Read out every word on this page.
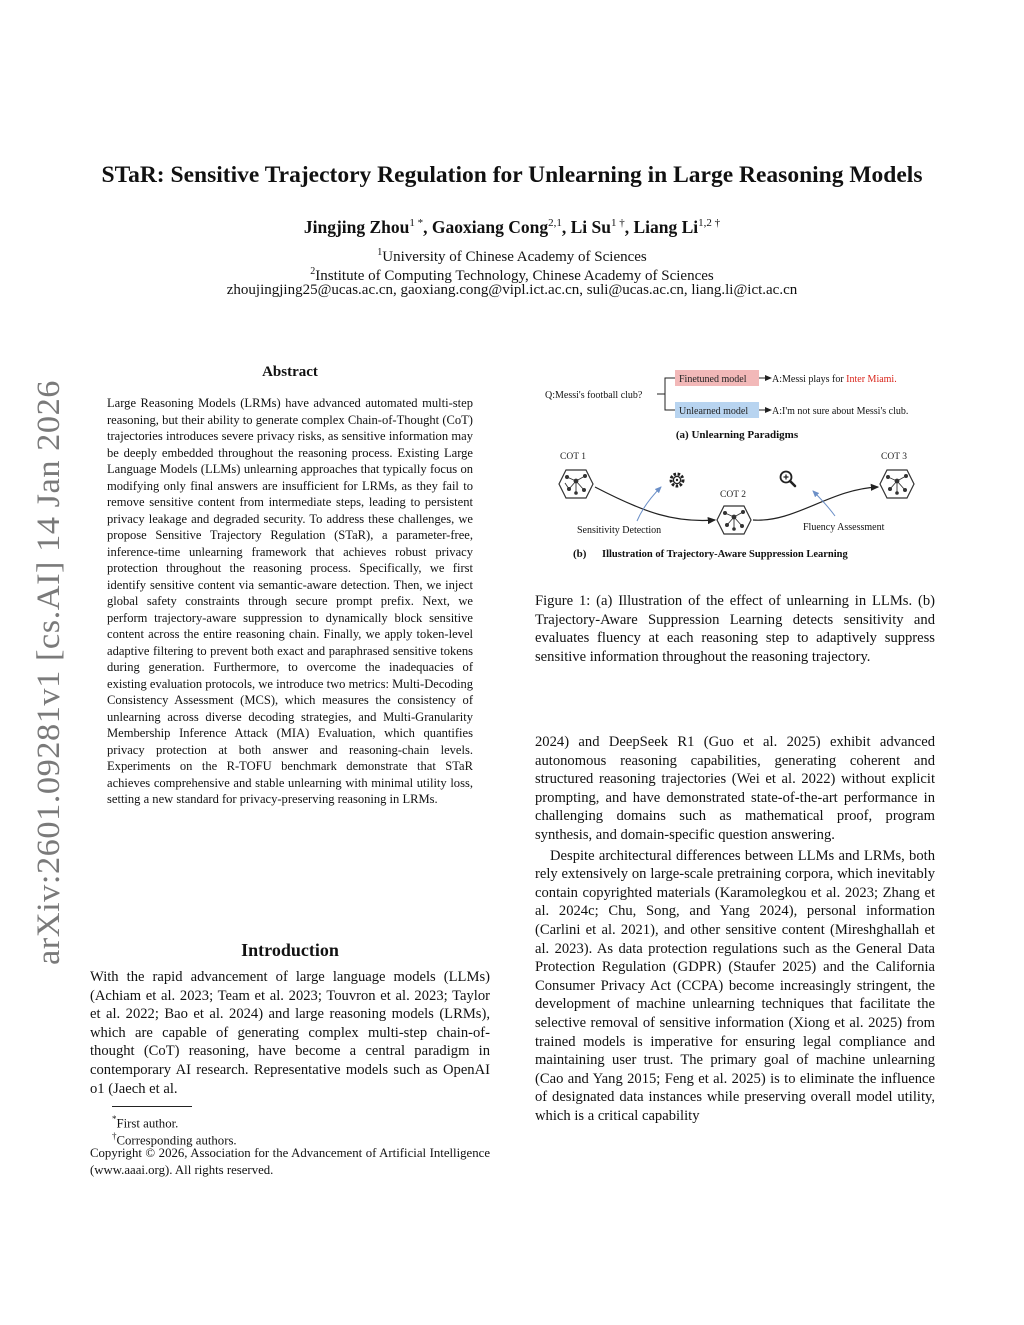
arXiv:2601.09281v1 [cs.AI] 14 Jan 2026
STaR: Sensitive Trajectory Regulation for Unlearning in Large Reasoning Models
Jingjing Zhou$^{1 *}$, Gaoxiang Cong$^{2,1}$, Li $Su^{1 \dagger}$, Liang $Li^{1,2 \dagger}$
$^1$University of Chinese Academy of Sciences
$^2$Institute of Computing Technology, Chinese Academy of Sciences
zhoujingjing25@ucas.ac.cn, gaoxiang.cong@vipl.ict.ac.cn, suli@ucas.ac.cn, liang.li@ict.ac.cn
Abstract
Large Reasoning Models (LRMs) have advanced automated multi-step reasoning, but their ability to generate complex Chain-of-Thought (CoT) trajectories introduces severe privacy risks, as sensitive information may be deeply embedded throughout the reasoning process. Existing Large Language Models (LLMs) unlearning approaches that typically focus on modifying only final answers are insufficient for LRMs, as they fail to remove sensitive content from intermediate steps, leading to persistent privacy leakage and degraded security. To address these challenges, we propose Sensitive Trajectory Regulation (STaR), a parameter-free, inference-time unlearning framework that achieves robust privacy protection throughout the reasoning process. Specifically, we first identify sensitive content via semantic-aware detection. Then, we inject global safety constraints through secure prompt prefix. Next, we perform trajectory-aware suppression to dynamically block sensitive content across the entire reasoning chain. Finally, we apply token-level adaptive filtering to prevent both exact and paraphrased sensitive tokens during generation. Furthermore, to overcome the inadequacies of existing evaluation protocols, we introduce two metrics: Multi-Decoding Consistency Assessment (MCS), which measures the consistency of unlearning across diverse decoding strategies, and Multi-Granularity Membership Inference Attack (MIA) Evaluation, which quantifies privacy protection at both answer and reasoning-chain levels. Experiments on the R-TOFU benchmark demonstrate that STaR achieves comprehensive and stable unlearning with minimal utility loss, setting a new standard for privacy-preserving reasoning in LRMs.
Introduction
With the rapid advancement of large language models (LLMs) (Achiam et al. 2023; Team et al. 2023; Touvron et al. 2023; Taylor et al. 2022; Bao et al. 2024) and large reasoning models (LRMs), which are capable of generating complex multi-step chain-of-thought (CoT) reasoning, have become a central paradigm in contemporary AI research. Representative models such as OpenAI o1 (Jaech et al.
*First author.
†Corresponding authors.
Copyright © 2026, Association for the Advancement of Artificial Intelligence (www.aaai.org). All rights reserved.
Q:Messi's football club?
Finetuned model	A:Messi plays for Inter Miami.
Unlearned model A:I'm not sure about Messi's club.
(a) Unlearning Paradigms
COT 1
COT 2
COT 3
Sensitivity Detection	Fluency Assessment
(b) Illustration of Trajectory-Aware Suppression Learning
Figure 1: (a) Illustration of the effect of unlearning in LLMs. (b) Trajectory-Aware Suppression Learning detects sensitivity and evaluates fluency at each reasoning step to adaptively suppress sensitive information throughout the reasoning trajectory.

2024) and DeepSeek R1 (Guo et al. 2025) exhibit advanced autonomous reasoning capabilities, generating coherent and structured reasoning trajectories (Wei et al. 2022) without explicit prompting, and have demonstrated state-of-the-art performance in challenging domains such as mathematical proof, program synthesis, and domain-specific question answering.

Despite architectural differences between LLMs and LRMs, both rely extensively on large-scale pretraining corpora, which inevitably contain copyrighted materials (Karamolegkou et al. 2023; Zhang et al. 2024c; Chu, Song, and Yang 2024), personal information (Carlini et al. 2021), and other sensitive content (Mireshghallah et al. 2023). As data protection regulations such as the General Data Protection Regulation (GDPR) (Staufer 2025) and the California Consumer Privacy Act (CCPA) become increasingly stringent, the development of machine unlearning techniques that facilitate the selective removal of sensitive information (Xiong et al. 2025) from trained models is imperative for ensuring legal compliance and maintaining user trust. The primary goal of machine unlearning (Cao and Yang 2015; Feng et al. 2025) is to eliminate the influence of designated data instances while preserving overall model utility, which is a critical capability
